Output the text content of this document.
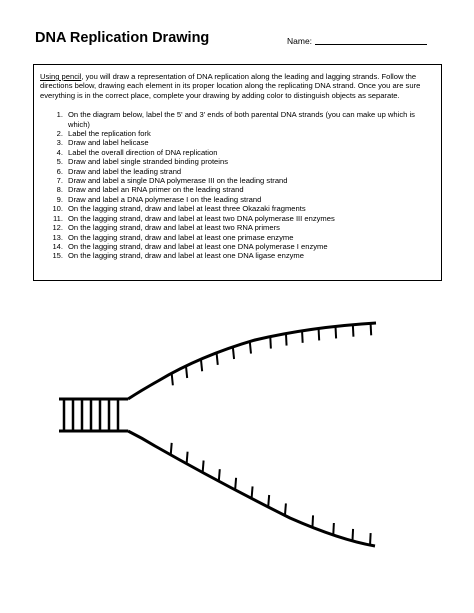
DNA Replication Drawing	Name:

Using pencil, you will draw a representation of DNA replication along the leading and lagging strands. Follow the directions below, drawing each element in its proper location along the replicating DNA strand. Once you are sure everything is in the correct place, complete your drawing by adding color to distinguish objects as separate.

1. On the diagram below, label the 5' and 3' ends of both parental DNA strands (you can make up which is which)
2. Label the replication fork
3. Draw and label helicase
4. Label the overall direction of DNA replication
5. Draw and label single stranded binding proteins
6. Draw and label the leading strand
7. Draw and label a single DNA polymerase III on the leading strand
8. Draw and label an RNA primer on the leading strand
9. Draw and label a DNA polymerase I on the leading strand
10. On the lagging strand, draw and label at least three Okazaki fragments
11. On the lagging strand, draw and label at least two DNA polymerase III enzymes
12. On the lagging strand, draw and label at least two RNA primers
13. On the lagging strand, draw and label at least one primase enzyme
14. On the lagging strand, draw and label at least one DNA polymerase I enzyme
15. On the lagging strand, draw and label at least one DNA ligase enzyme
